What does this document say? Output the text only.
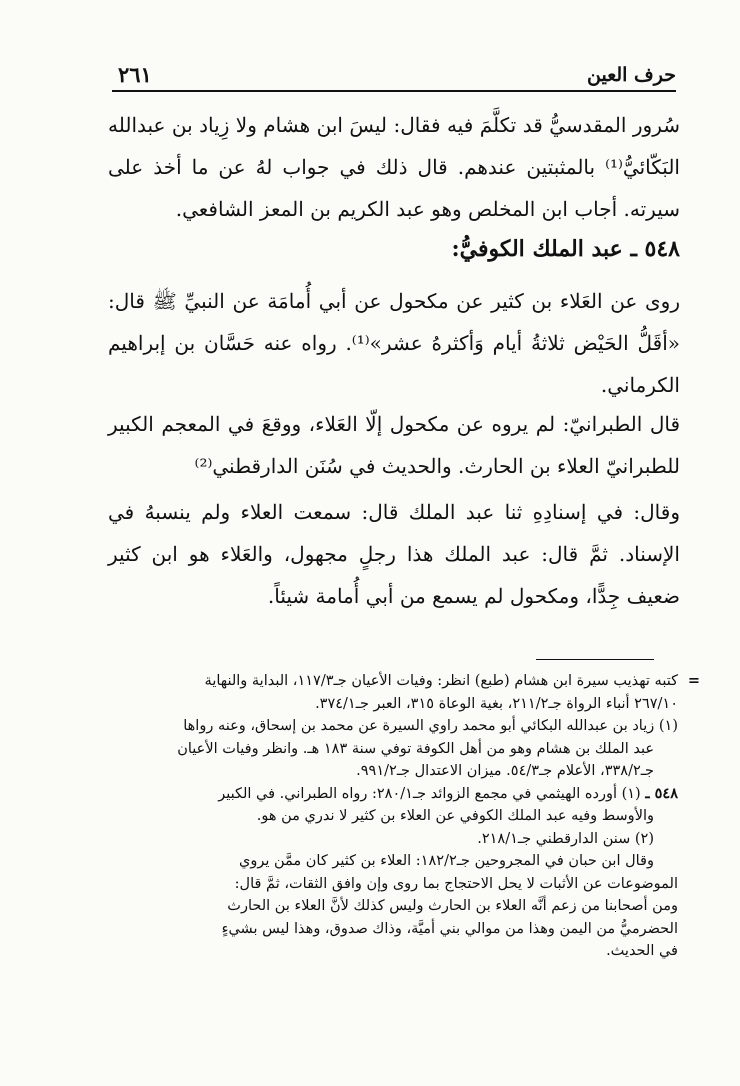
حرف العين
٢٦١

سُرور المقدسيُّ قد تكلَّمَ فيه فقال: ليسَ ابن هشام ولا زِياد بن عبدالله البَكّائيُّ⁽¹⁾ بالمثبتين عندهم. قال ذلك في جواب لهُ عن ما أخذ على سيرته. أجاب ابن المخلص وهو عبد الكريم بن المعز الشافعي.

٥٤٨ ـ عبد الملك الكوفيُّ:

روى عن العَلاء بن كثير عن مكحول عن أبي أُمامَة عن النبيِّ ﷺ قال: «أقَلُّ الحَيْض ثلاثةُ أيام وَأكثرهُ عشر»⁽¹⁾. رواه عنه حَسَّان بن إبراهيم الكرماني.

قال الطبرانيّ: لم يروه عن مكحول إلّا العَلاء، ووقعَ في المعجم الكبير للطبرانيّ العلاء بن الحارث. والحديث في سُنَن الدارقطني⁽²⁾

وقال: في إسنادِهِ ثنا عبد الملك قال: سمعت العلاء ولم ينسبهُ في الإسناد. ثمَّ قال: عبد الملك هذا رجلٍ مجهول، والعَلاء هو ابن كثير ضعيف جِدًّا، ومكحول لم يسمع من أبي أُمامة شيئاً.

=
كتبه تهذيب سيرة ابن هشام (طبع) انظر: وفيات الأعيان جـ١١٧/٣، البداية والنهاية
٢٦٧/١٠ أنباء الرواة جـ٢١١/٢، بغية الوعاة ٣١٥، العبر جـ٣٧٤/١.
(١) زياد بن عبدالله البكائي أبو محمد راوي السيرة عن محمد بن إسحاق، وعنه رواها
عبد الملك بن هشام وهو من أهل الكوفة توفي سنة ١٨٣ هـ. وانظر وفيات الأعيان
جـ٣٣٨/٢، الأعلام جـ٥٤/٣. ميزان الاعتدال جـ٩٩١/٢.
٥٤٨ ـ (١) أورده الهيثمي في مجمع الزوائد جـ٢٨٠/١: رواه الطبراني. في الكبير
والأوسط وفيه عبد الملك الكوفي عن العلاء بن كثير لا ندري من هو.
(٢) سنن الدارقطني جـ٢١٨/١.
وقال ابن حبان في المجروحين جـ١٨٢/٢: العلاء بن كثير كان ممَّن يروي
الموضوعات عن الأثبات لا يحل الاحتجاج بما روى وإن وافق الثقات، ثمَّ قال:
ومن أصحابنا من زعم أنَّه العلاء بن الحارث وليس كذلك لأنَّ العلاء بن الحارث
الحضرميُّ من اليمن وهذا من موالي بني أميَّة، وذاك صدوق، وهذا ليس بشيءٍ
في الحديث.
